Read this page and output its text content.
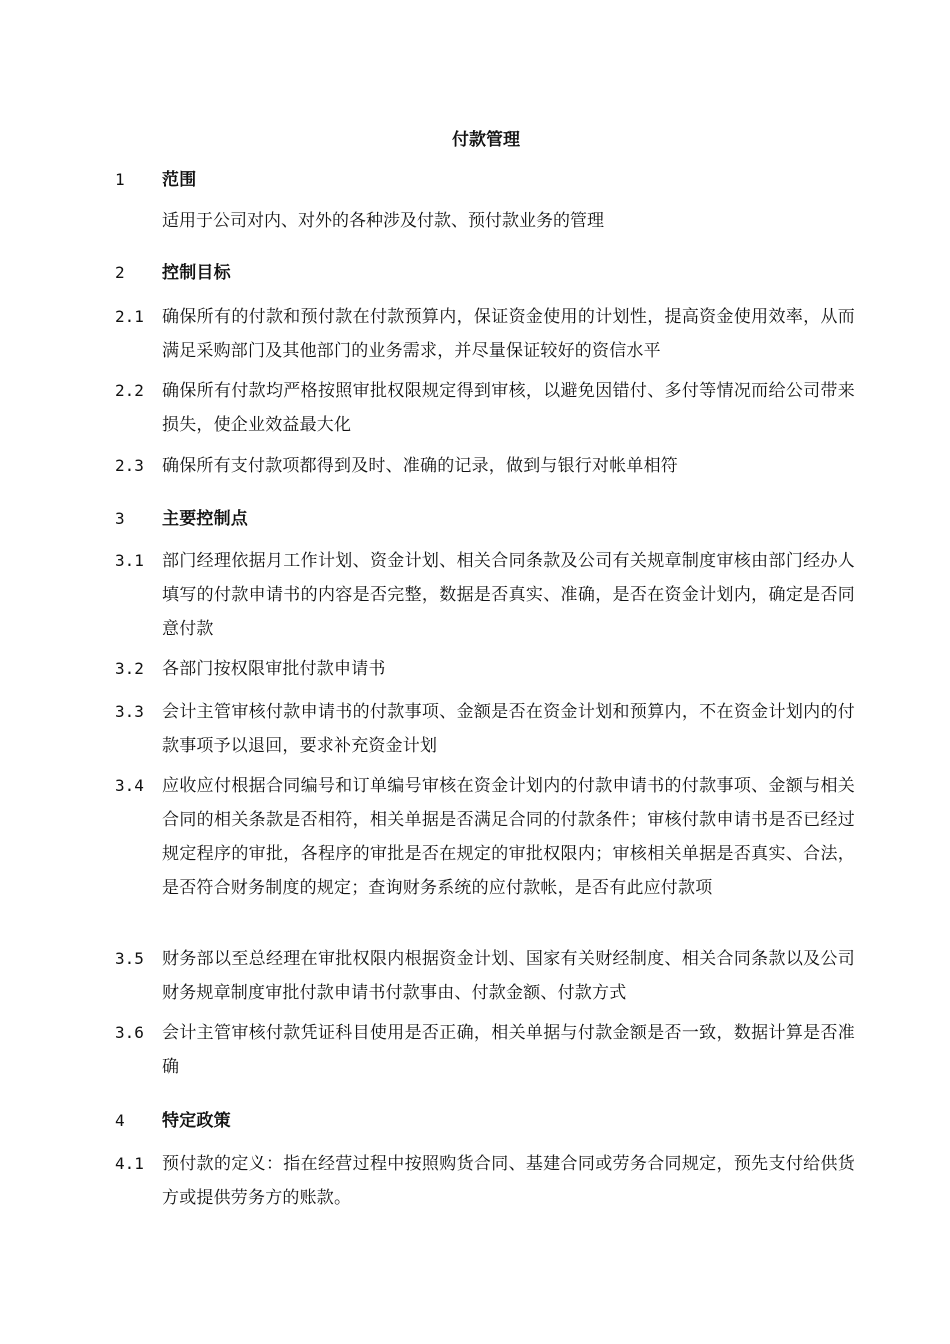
付款管理
1 范围
适用于公司对内、对外的各种涉及付款、预付款业务的管理
2 控制目标
2.1 确保所有的付款和预付款在付款预算内，保证资金使用的计划性，提高资金使用效率，从而满足采购部门及其他部门的业务需求，并尽量保证较好的资信水平
2.2 确保所有付款均严格按照审批权限规定得到审核，以避免因错付、多付等情况而给公司带来损失，使企业效益最大化
2.3 确保所有支付款项都得到及时、准确的记录，做到与银行对帐单相符
3 主要控制点
3.1 部门经理依据月工作计划、资金计划、相关合同条款及公司有关规章制度审核由部门经办人填写的付款申请书的内容是否完整，数据是否真实、准确，是否在资金计划内，确定是否同意付款
3.2 各部门按权限审批付款申请书
3.3 会计主管审核付款申请书的付款事项、金额是否在资金计划和预算内，不在资金计划内的付款事项予以退回，要求补充资金计划
3.4 应收应付根据合同编号和订单编号审核在资金计划内的付款申请书的付款事项、金额与相关合同的相关条款是否相符，相关单据是否满足合同的付款条件；审核付款申请书是否已经过规定程序的审批，各程序的审批是否在规定的审批权限内；审核相关单据是否真实、合法，是否符合财务制度的规定；查询财务系统的应付款帐，是否有此应付款项
3.5 财务部以至总经理在审批权限内根据资金计划、国家有关财经制度、相关合同条款以及公司财务规章制度审批付款申请书付款事由、付款金额、付款方式
3.6 会计主管审核付款凭证科目使用是否正确，相关单据与付款金额是否一致，数据计算是否准确
4 特定政策
4.1 预付款的定义：指在经营过程中按照购货合同、基建合同或劳务合同规定，预先支付给供货方或提供劳务方的账款。
